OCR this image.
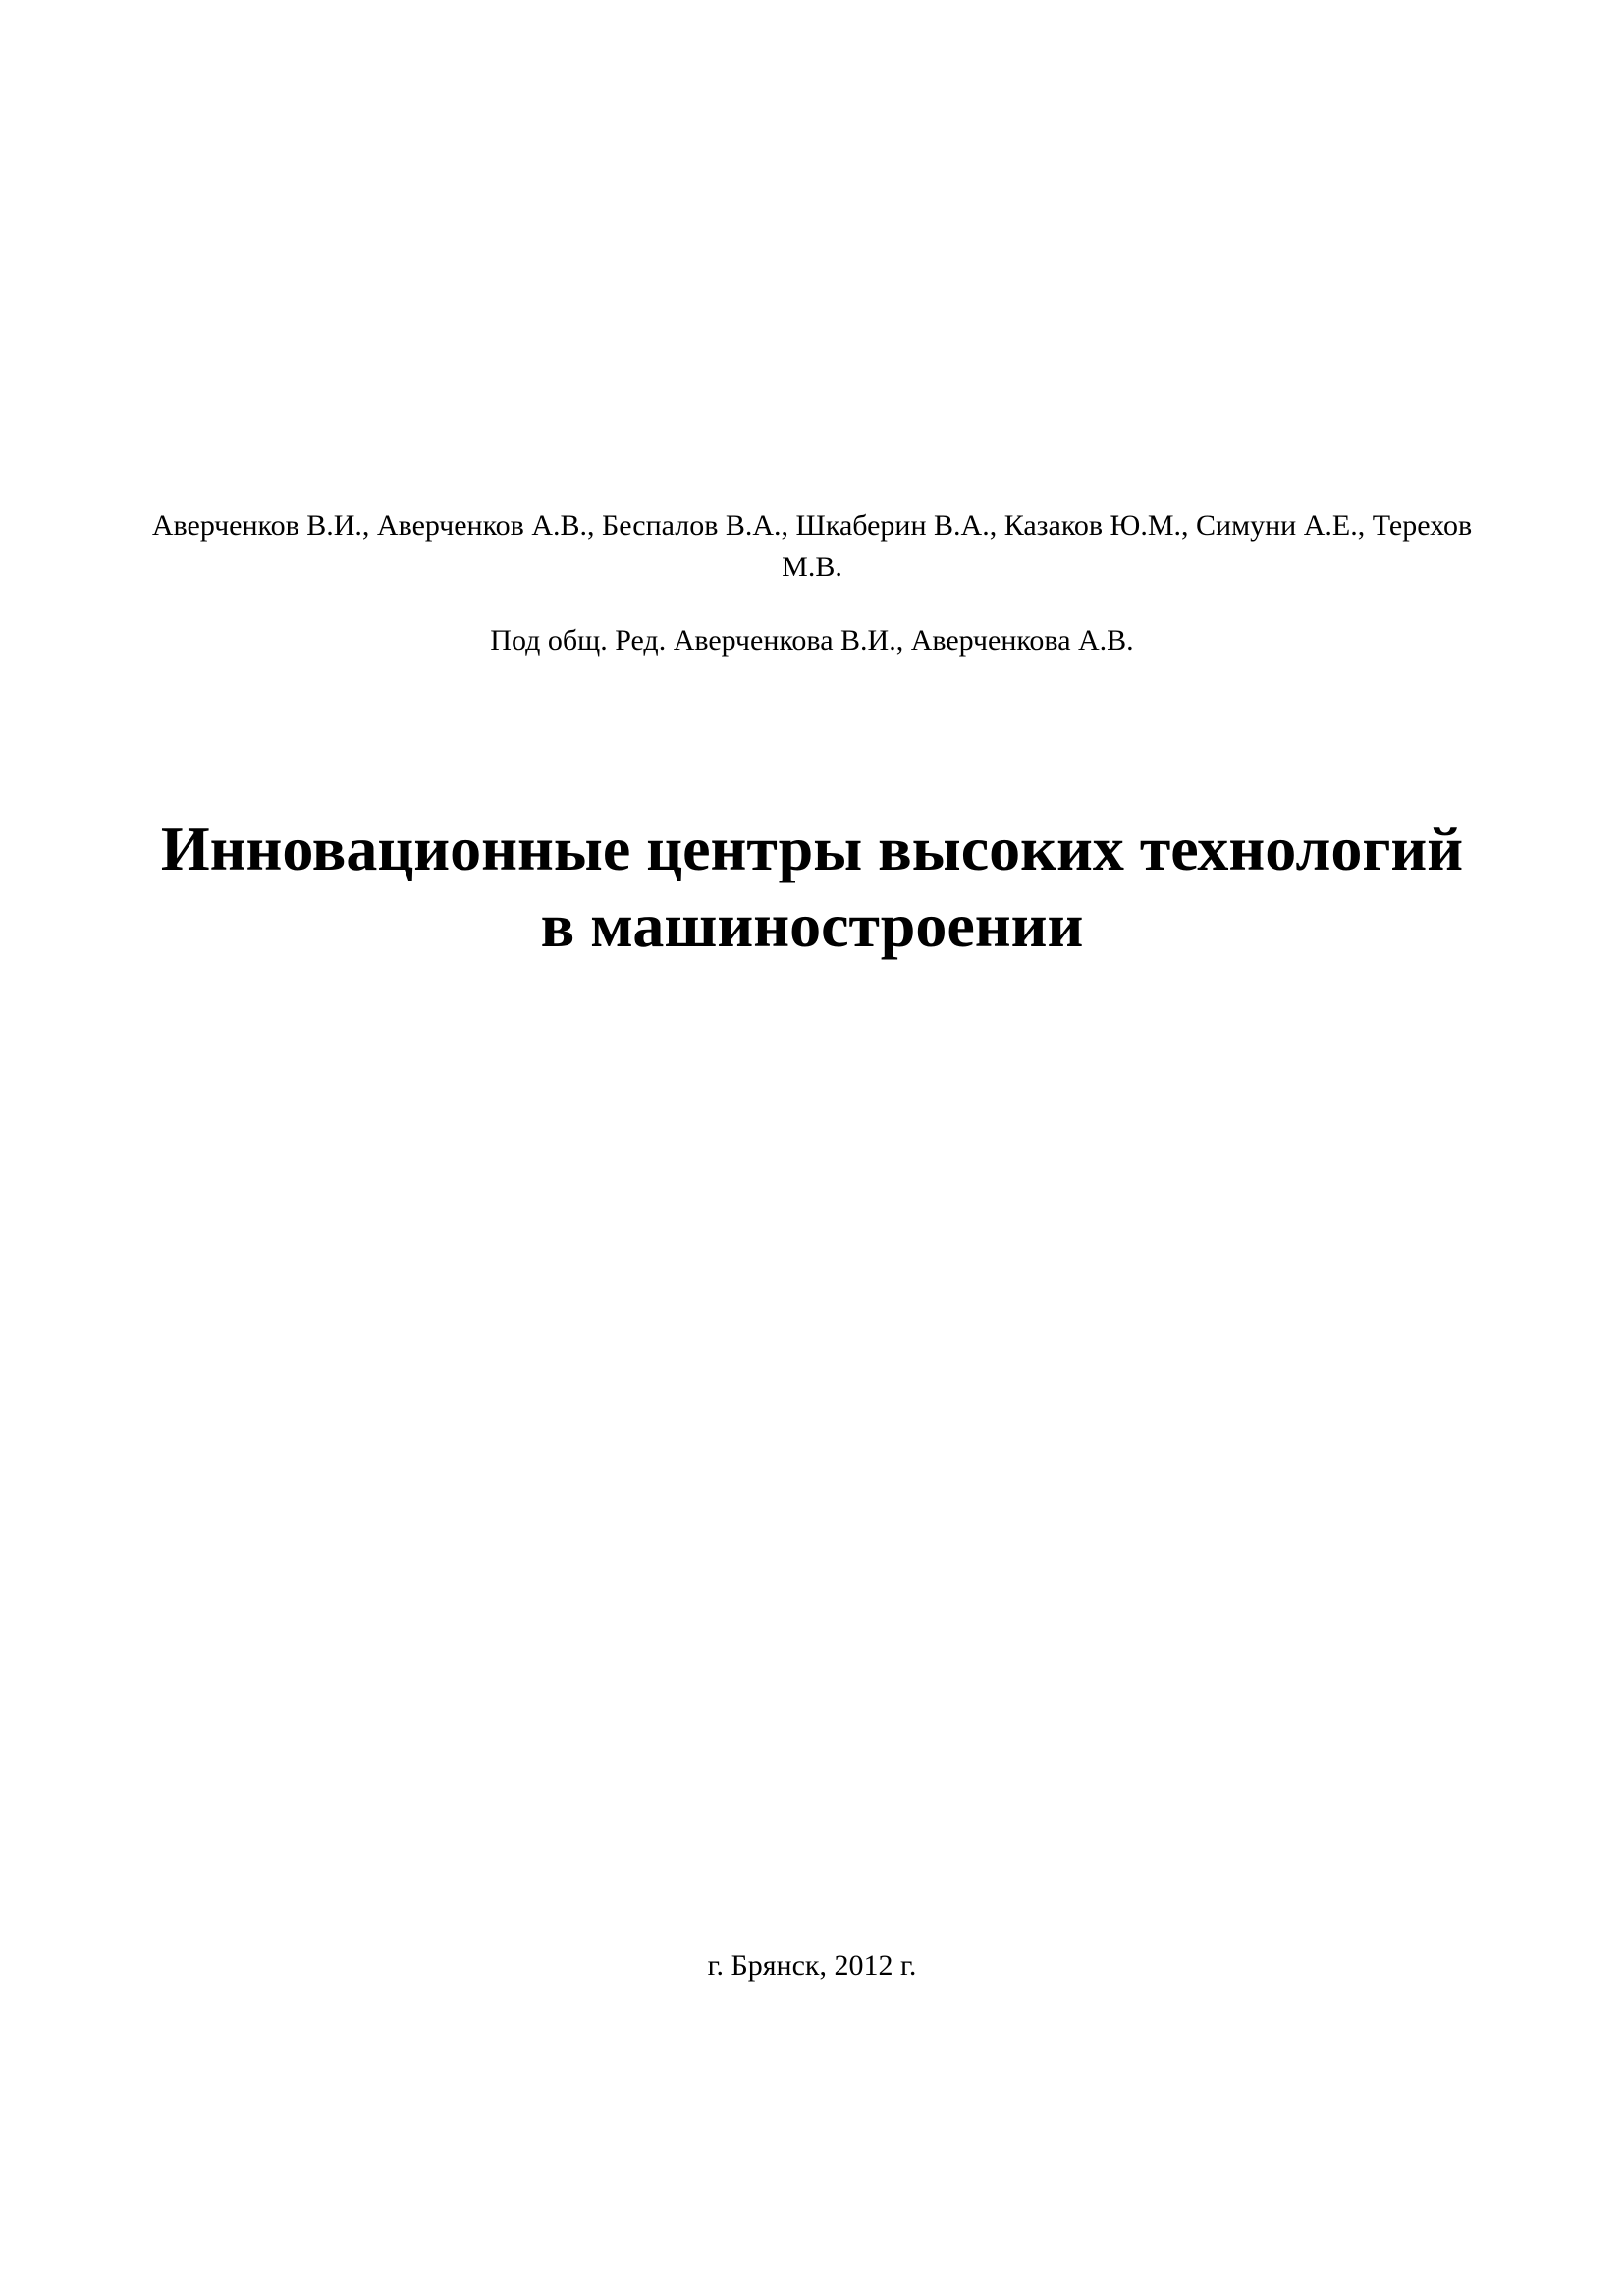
Аверченков В.И., Аверченков А.В., Беспалов В.А., Шкаберин В.А., Казаков Ю.М., Симуни А.Е., Терехов М.В.
Под общ. Ред. Аверченкова В.И., Аверченкова А.В.
Инновационные центры высоких технологий
в машиностроении
г. Брянск, 2012 г.
